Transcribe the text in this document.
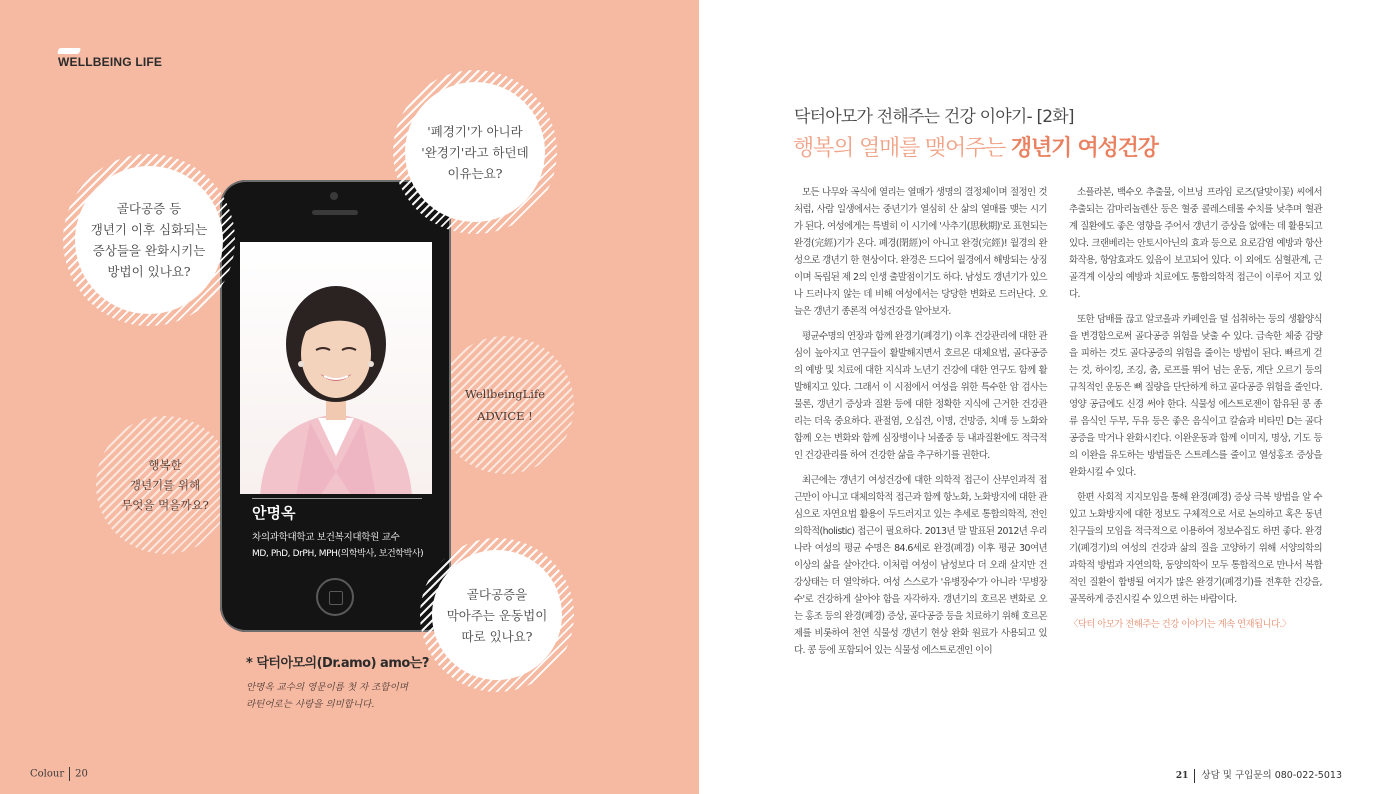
WELLBEING LIFE
'폐경기'가 아니라
'완경기'라고 하던데
이유는요?
골다공증 등
갱년기 이후 심화되는
증상들을 완화시키는
방법이 있나요?
WellbeingLife
ADVICE !
행복한
갱년기를 위해
무엇을 먹을까요?
골다공증을
막아주는 운동법이
따로 있나요?
안명옥
차의과학대학교 보건복지대학원 교수
MD, PhD, DrPH, MPH(의학박사, 보건학박사)
* 닥터아모의(Dr.amo) amo는?
안명옥 교수의 영문이름 첫 자 조합이며
라틴어로는 사랑을 의미합니다.
Colour 20
닥터아모가 전해주는 건강 이야기- [2화]
행복의 열매를 맺어주는 갱년기 여성건강

모든 나무와 곡식에 열리는 열매가 생명의 결정체이며 절정인 것처럼, 사람 일생에서는 중년기가 열심히 산 삶의 열매를 맺는 시기가 된다. 여성에게는 특별히 이 시기에 '사추기(思秋期)'로 표현되는 완경(完經)기가 온다. 폐경(閉經)이 아니고 완경(完經)! 월경의 완성으로 갱년기 한 현상이다. 완경은 드디어 월경에서 해방되는 상징이며 독립된 제 2의 인생 출발점이기도 하다. 남성도 갱년기가 있으나 드러나지 않는 데 비해 여성에서는 당당한 변화로 드러난다. 오늘은 갱년기 종론적 여성건강을 알아보자.

평균수명의 연장과 함께 완경기(폐경기) 이후 건강관리에 대한 관심이 높아지고 연구들이 활발해지면서 호르몬 대체요법, 골다공증의 예방 및 치료에 대한 지식과 노년기 건강에 대한 연구도 함께 활발해지고 있다. 그래서 이 시점에서 여성을 위한 특수한 암 검사는 물론, 갱년기 증상과 질환 등에 대한 정확한 지식에 근거한 건강관리는 더욱 중요하다. 관절염, 오십견, 이명, 건망증, 치매 등 노화와 함께 오는 변화와 함께 심장병이나 뇌졸중 등 내과질환에도 적극적인 건강관리를 하여 건강한 삶을 추구하기를 권한다.

최근에는 갱년기 여성건강에 대한 의학적 접근이 산부인과적 접근만이 아니고 대체의학적 접근과 함께 항노화, 노화방지에 대한 관심으로 자연요법 활용이 두드러지고 있는 추세로 통합의학적, 전인의학적(holistic) 접근이 필요하다. 2013년 말 발표된 2012년 우리나라 여성의 평균 수명은 84.6세로 완경(폐경) 이후 평균 30여년 이상의 삶을 살아간다. 이처럼 여성이 남성보다 더 오래 살지만 건강상태는 더 열악하다. 여성 스스로가 '유병장수'가 아니라 '무병장수'로 건강하게 살아야 함을 자각하자. 갱년기의 호르몬 변화로 오는 홍조 등의 완경(폐경) 증상, 골다공증 등을 치료하기 위해 호르몬제를 비롯하여 천연 식물성 갱년기 현상 완화 원료가 사용되고 있다. 콩 등에 포함되어 있는 식물성 에스트로겐인 이이

소플라본, 백수오 추출물, 이브닝 프라임 로즈(달맞이꽃) 씨에서 추출되는 감마리놀렌산 등은 혈중 콜레스테롤 수치를 낮추며 혈관계 질환에도 좋은 영향을 주어서 갱년기 증상을 없애는 데 활용되고 있다. 크랜베리는 안토시아닌의 효과 등으로 요로감염 예방과 항산화작용, 항암효과도 있음이 보고되어 있다. 이 외에도 심혈관계, 근 골격계 이상의 예방과 치료에도 통합의학적 접근이 이루어 지고 있다.

또한 담배를 끊고 알코올과 카페인을 덜 섭취하는 등의 생활양식을 변경함으로써 골다공증 위험을 낮출 수 있다. 급속한 체중 감량을 피하는 것도 골다공증의 위험을 줄이는 방법이 된다. 빠르게 걷는 것, 하이킹, 조깅, 춤, 로프를 뛰어 넘는 운동, 계단 오르기 등의 규칙적인 운동은 뼈 질량을 단단하게 하고 골다공증 위험을 줄인다. 영양 공급에도 신경 써야 한다. 식물성 에스트로젠이 함유된 콩 종류 음식인 두부, 두유 등은 좋은 음식이고 칼슘과 비타민 D는 골다공증을 막거나 완화시킨다. 이완운동과 함께 이미지, 명상, 기도 등의 이완을 유도하는 방법들은 스트레스를 줄이고 열성홍조 증상을 완화시킬 수 있다.

한편 사회적 지지모임을 통해 완경(폐경) 증상 극복 방법을 알 수 있고 노화방지에 대한 정보도 구체적으로 서로 논의하고 혹은 동년 친구들의 모임을 적극적으로 이용하여 정보수집도 하면 좋다. 완경기(폐경기)의 여성의 건강과 삶의 질을 고양하기 위해 서양의학의 과학적 방법과 자연의학, 동양의학이 모두 통합적으로 만나서 복합적인 질환이 합병될 여지가 많은 완경기(폐경기)를 전후한 건강을, 골목하게 증진시킬 수 있으면 하는 바람이다.

〈닥터 아모가 전해주는 건강 이야기는 계속 연재됩니다.〉

21 상담 및 구입문의 080-022-5013
